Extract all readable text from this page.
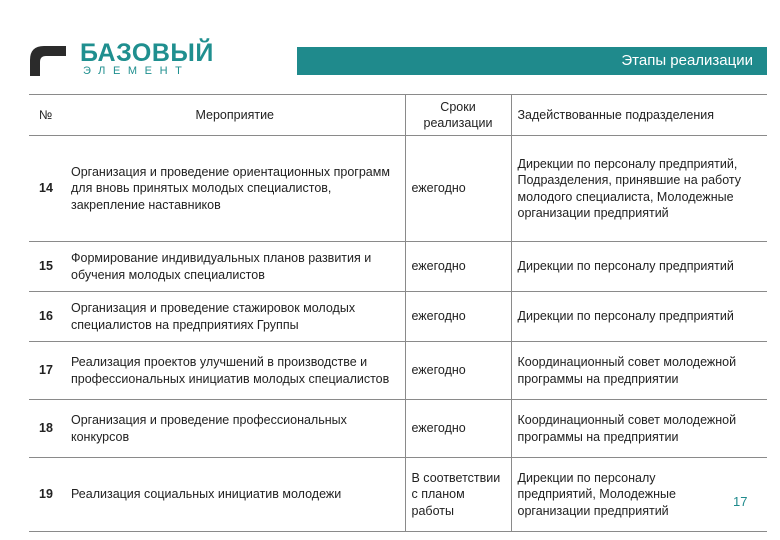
БАЗОВЫЙ
ЭЛЕМЕНТ
Этапы реализации
№	Мероприятие	Сроки реализации	Задействованные подразделения
14	Организация и проведение ориентационных программ для вновь принятых молодых специалистов, закрепление наставников	ежегодно	Дирекции по персоналу предприятий, Подразделения, принявшие на работу молодого специалиста, Молодежные организации предприятий
15	Формирование индивидуальных планов развития и обучения молодых специалистов	ежегодно	Дирекции по персоналу предприятий
16	Организация и проведение стажировок молодых специалистов на предприятиях Группы	ежегодно	Дирекции по персоналу предприятий
17	Реализация проектов улучшений в производстве и профессиональных инициатив молодых специалистов	ежегодно	Координационный совет молодежной программы на предприятии
18	Организация и проведение профессиональных конкурсов	ежегодно	Координационный совет молодежной программы на предприятии
19	Реализация социальных инициатив молодежи	В соответствии с планом работы	Дирекции по персоналу предприятий, Молодежные организации предприятий
17
